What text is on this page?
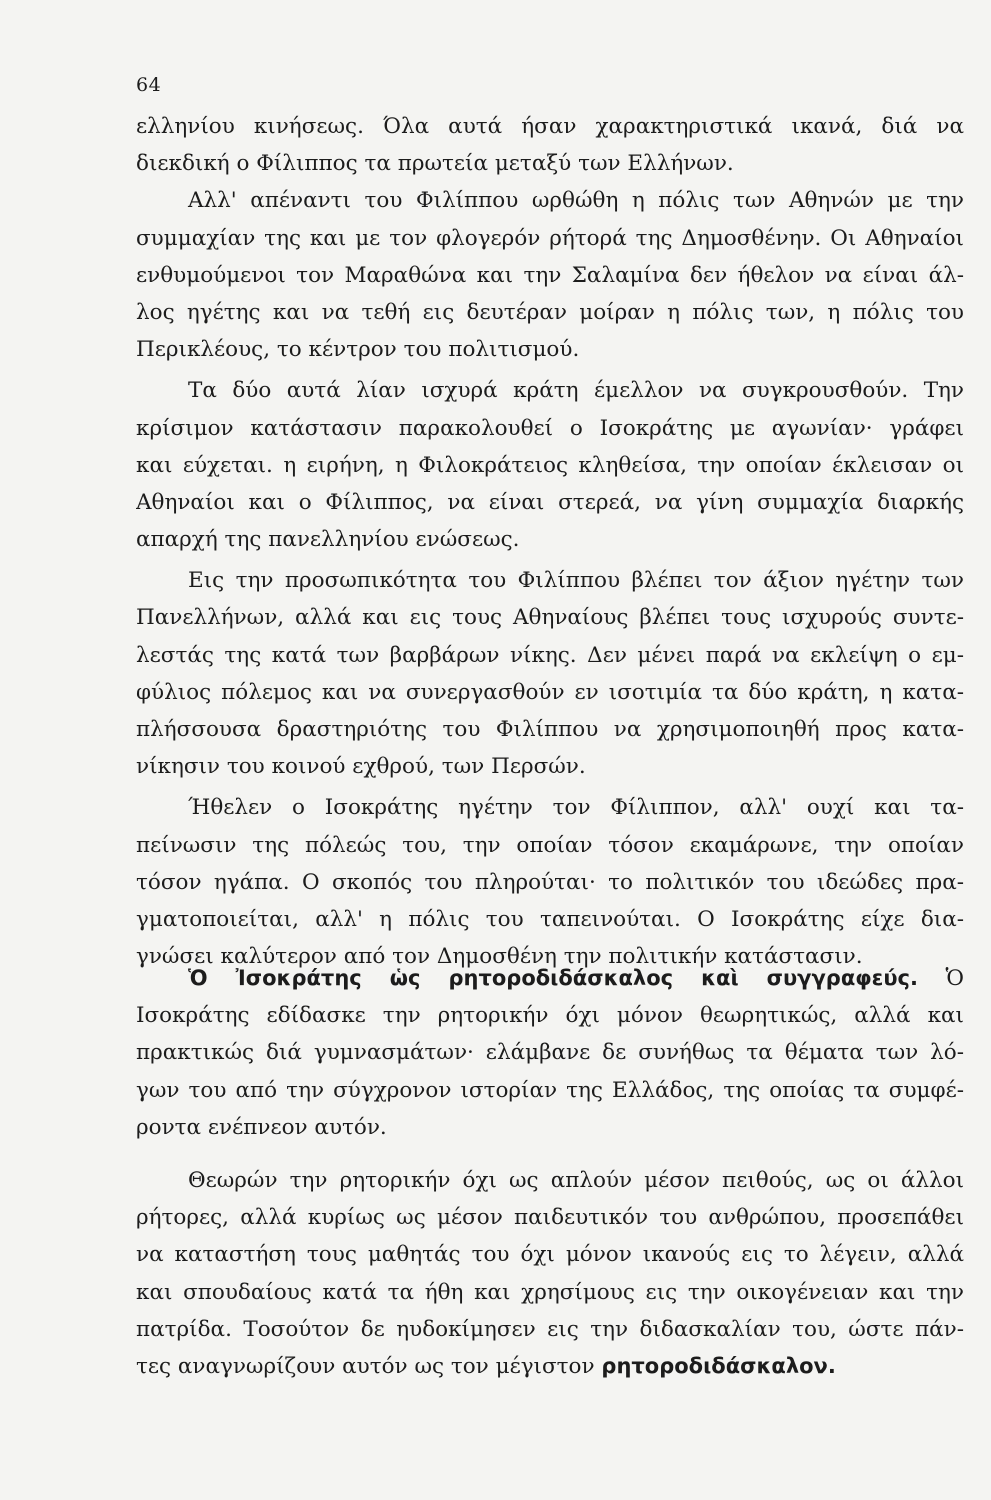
64
ελληνίου κινήσεως. Όλα αυτά ήσαν χαρακτηριστικά ικανά, διά να
διεκδική ο Φίλιππος τα πρωτεία μεταξύ των Ελλήνων.
Αλλ' απέναντι του Φιλίππου ωρθώθη η πόλις των Αθηνών με την
συμμαχίαν της και με τον φλογερόν ρήτορά της Δημοσθένην. Οι Αθηναίοι
ενθυμούμενοι τον Μαραθώνα και την Σαλαμίνα δεν ήθελον να είναι άλ-
λος ηγέτης και να τεθή εις δευτέραν μοίραν η πόλις των, η πόλις του
Περικλέους, το κέντρον του πολιτισμού.
Τα δύο αυτά λίαν ισχυρά κράτη έμελλον να συγκρουσθούν. Την
κρίσιμον κατάστασιν παρακολουθεί ο Ισοκράτης με αγωνίαν· γράφει
και εύχεται. η ειρήνη, η Φιλοκράτειος κληθείσα, την οποίαν έκλεισαν οι
Αθηναίοι και ο Φίλιππος, να είναι στερεά, να γίνη συμμαχία διαρκής
απαρχή της πανελληνίου ενώσεως.
Εις την προσωπικότητα του Φιλίππου βλέπει τον άξιον ηγέτην των
Πανελλήνων, αλλά και εις τους Αθηναίους βλέπει τους ισχυρούς συντε-
λεστάς της κατά των βαρβάρων νίκης. Δεν μένει παρά να εκλείψη ο εμ-
φύλιος πόλεμος και να συνεργασθούν εν ισοτιμία τα δύο κράτη, η κατα-
πλήσσουσα δραστηριότης του Φιλίππου να χρησιμοποιηθή προς κατα-
νίκησιν του κοινού εχθρού, των Περσών.
Ήθελεν ο Ισοκράτης ηγέτην τον Φίλιππον, αλλ' ουχί και τα-
πείνωσιν της πόλεώς του, την οποίαν τόσον εκαμάρωνε, την οποίαν
τόσον ηγάπα. Ο σκοπός του πληρούται· το πολιτικόν του ιδεώδες πρα-
γματοποιείται, αλλ' η πόλις του ταπεινούται. Ο Ισοκράτης είχε δια-
γνώσει καλύτερον από τον Δημοσθένη την πολιτικήν κατάστασιν.
Ὁ Ἰσοκράτης ὡς ρητοροδιδάσκαλος καὶ συγγραφεύς. Ὁ
Ισοκράτης εδίδασκε την ρητορικήν όχι μόνον θεωρητικώς, αλλά και
πρακτικώς διά γυμνασμάτων· ελάμβανε δε συνήθως τα θέματα των λό-
γων του από την σύγχρονον ιστορίαν της Ελλάδος, της οποίας τα συμφέ-
ροντα ενέπνεον αυτόν.
Θεωρών την ρητορικήν όχι ως απλούν μέσον πειθούς, ως οι άλλοι
ρήτορες, αλλά κυρίως ως μέσον παιδευτικόν του ανθρώπου, προσεπάθει
να καταστήση τους μαθητάς του όχι μόνον ικανούς εις το λέγειν, αλλά
και σπουδαίους κατά τα ήθη και χρησίμους εις την οικογένειαν και την
πατρίδα. Τοσούτον δε ηυδοκίμησεν εις την διδασκαλίαν του, ώστε πάν-
τες αναγνωρίζουν αυτόν ως τον μέγιστον ρητοροδιδάσκαλον.
